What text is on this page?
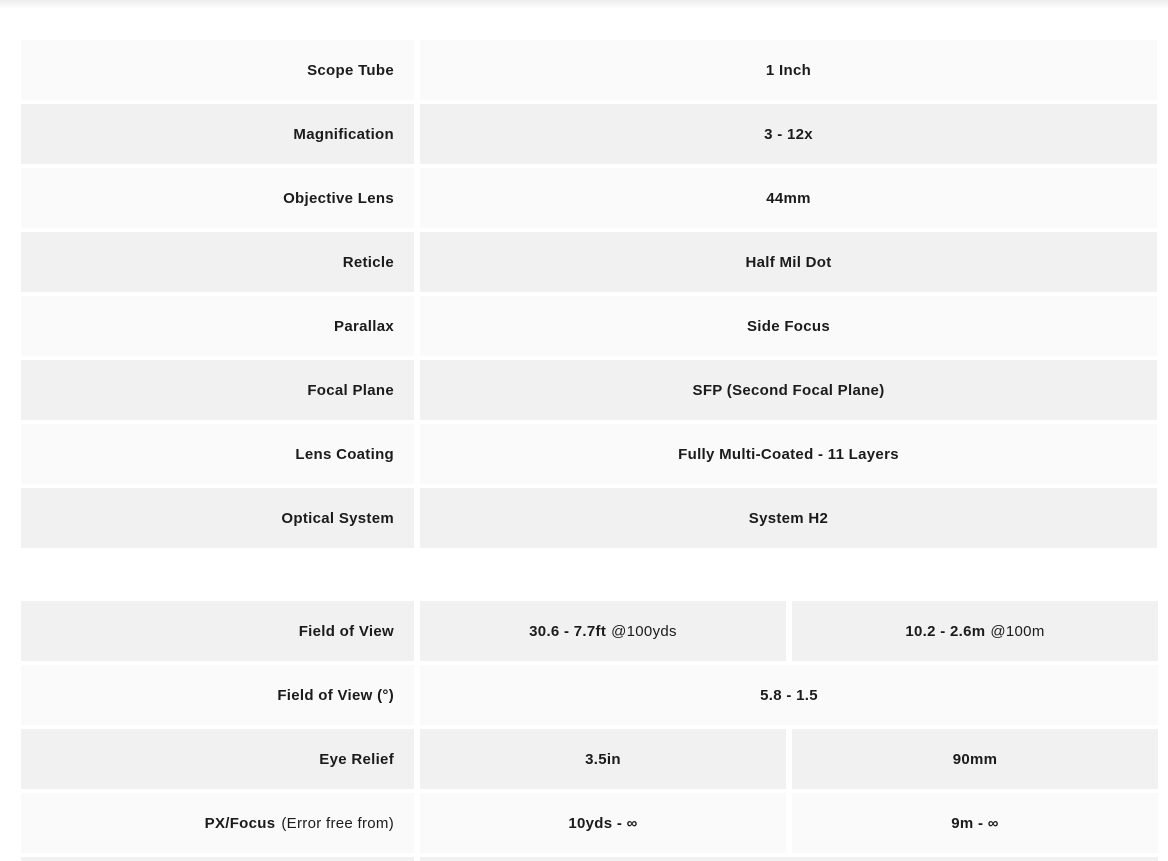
Scope Tube	1 Inch
Magnification	3 - 12x
Objective Lens	44mm
Reticle	Half Mil Dot
Parallax	Side Focus
Focal Plane	SFP (Second Focal Plane)
Lens Coating	Fully Multi-Coated - 11 Layers
Optical System	System H2
Field of View	30.6 - 7.7ft @100yds	10.2 - 2.6m @100m
Field of View (°)	5.8 - 1.5
Eye Relief	3.5in	90mm
PX/Focus (Error free from)	10yds - ∞	9m - ∞
